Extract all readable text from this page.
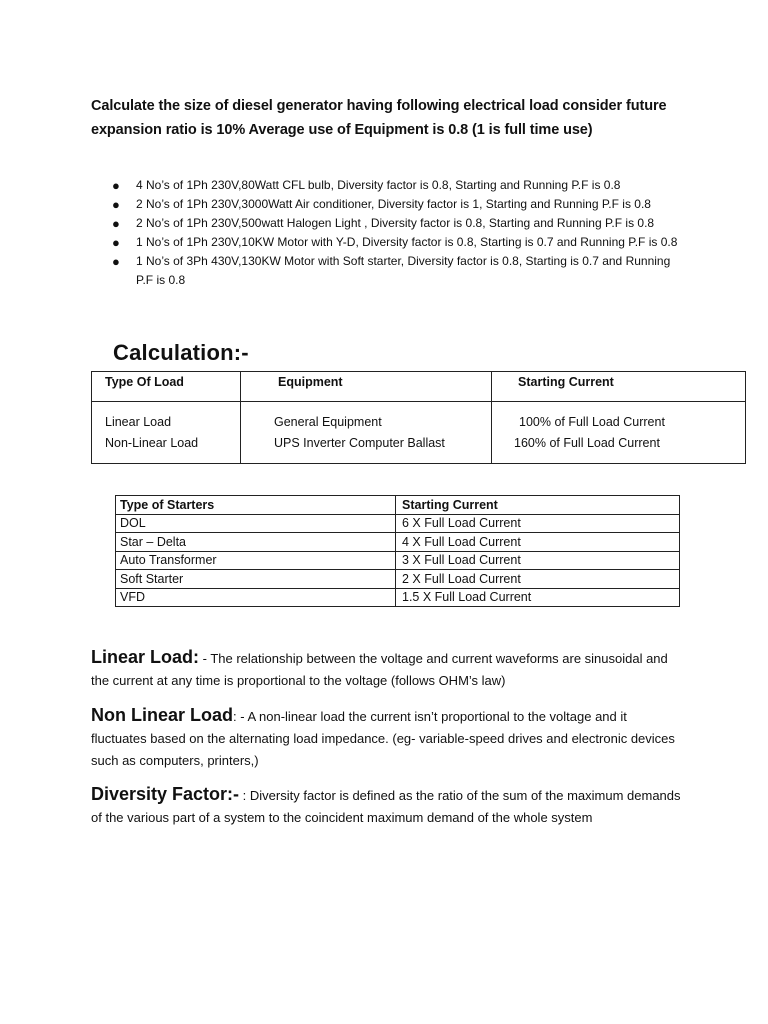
Calculate the size of diesel generator having following electrical load consider future expansion ratio is 10% Average use of Equipment is 0.8 (1 is full time use)
● 4 No’s of 1Ph 230V,80Watt CFL bulb, Diversity factor is 0.8, Starting and Running P.F is 0.8
● 2 No’s of 1Ph 230V,3000Watt Air conditioner, Diversity factor is 1, Starting and Running P.F is 0.8
● 2 No’s of 1Ph 230V,500watt Halogen Light , Diversity factor is 0.8, Starting and Running P.F is 0.8
● 1 No’s of 1Ph 230V,10KW Motor with Y-D, Diversity factor is 0.8, Starting is 0.7 and Running P.F is 0.8
● 1 No’s of 3Ph 430V,130KW Motor with Soft starter, Diversity factor is 0.8, Starting is 0.7 and Running P.F is 0.8
Calculation:-
Type Of Load	Equipment	Starting Current
Linear Load	General Equipment	100% of Full Load Current
Non-Linear Load	UPS Inverter Computer Ballast	160% of Full Load Current
Type of Starters	Starting Current
DOL	6 X Full Load Current
Star – Delta	4 X Full Load Current
Auto Transformer	3 X Full Load Current
Soft Starter	2 X Full Load Current
VFD	1.5 X Full Load Current
Linear Load: - The relationship between the voltage and current waveforms are sinusoidal and the current at any time is proportional to the voltage (follows OHM’s law)
Non Linear Load: - A non-linear load the current isn’t proportional to the voltage and it fluctuates based on the alternating load impedance. (eg- variable-speed drives and electronic devices such as computers, printers,)
Diversity Factor:- : Diversity factor is defined as the ratio of the sum of the maximum demands of the various part of a system to the coincident maximum demand of the whole system
